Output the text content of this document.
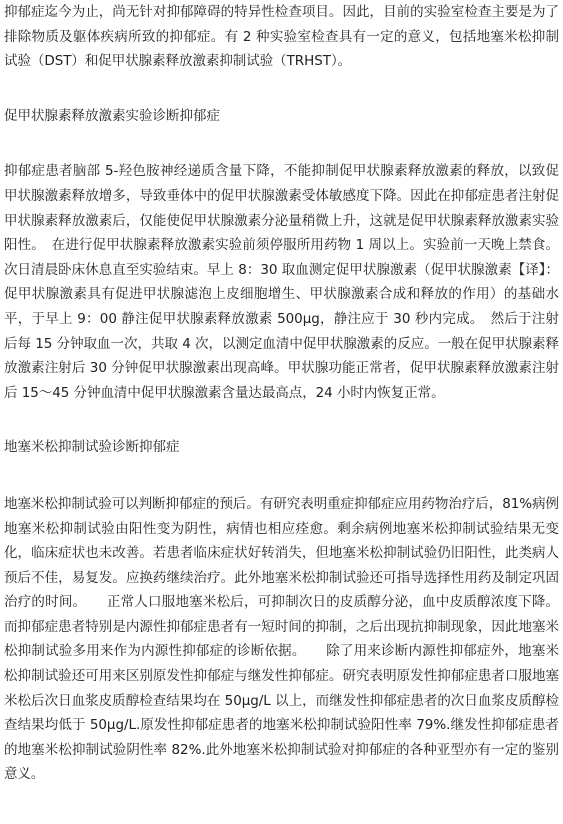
抑郁症迄今为止，尚无针对抑郁障碍的特异性检查项目。因此，目前的实验室检查主要是为了排除物质及躯体疾病所致的抑郁症。有 2 种实验室检查具有一定的意义，包括地塞米松抑制试验（DST）和促甲状腺素释放激素抑制试验（TRHST）。

促甲状腺素释放激素实验诊断抑郁症

抑郁症患者脑部 5-羟色胺神经递质含量下降，不能抑制促甲状腺素释放激素的释放，以致促甲状腺激素释放增多，导致垂体中的促甲状腺激素受体敏感度下降。因此在抑郁症患者注射促甲状腺素释放激素后，仅能使促甲状腺激素分泌量稍微上升，这就是促甲状腺素释放激素实验阳性。　在进行促甲状腺素释放激素实验前须停服所用药物 1 周以上。实验前一天晚上禁食。次日清晨卧床休息直至实验结束。早上 8：30 取血测定促甲状腺激素（促甲状腺激素【译】：促甲状腺激素具有促进甲状腺滤泡上皮细胞增生、甲状腺激素合成和释放的作用）的基础水平，于早上 9：00 静注促甲状腺素释放激素 500μg，静注应于 30 秒内完成。　然后于注射后每 15 分钟取血一次，共取 4 次，以测定血清中促甲状腺激素的反应。一般在促甲状腺素释放激素注射后 30 分钟促甲状腺激素出现高峰。甲状腺功能正常者，促甲状腺素释放激素注射后 15～45 分钟血清中促甲状腺激素含量达最高点，24 小时内恢复正常。

地塞米松抑制试验诊断抑郁症

地塞米松抑制试验可以判断抑郁症的预后。有研究表明重症抑郁症应用药物治疗后，81%病例地塞米松抑制试验由阳性变为阴性，病情也相应痊愈。剩余病例地塞米松抑制试验结果无变化，临床症状也未改善。若患者临床症状好转消失，但地塞米松抑制试验仍旧阳性，此类病人预后不佳，易复发。应换药继续治疗。此外地塞米松抑制试验还可指导选择性用药及制定巩固治疗的时间。　　正常人口服地塞米松后，可抑制次日的皮质醇分泌，血中皮质醇浓度下降。而抑郁症患者特别是内源性抑郁症患者有一短时间的抑制，之后出现抗抑制现象，因此地塞米松抑制试验多用来作为内源性抑郁症的诊断依据。　　除了用来诊断内源性抑郁症外，地塞米松抑制试验还可用来区别原发性抑郁症与继发性抑郁症。研究表明原发性抑郁症患者口服地塞米松后次日血浆皮质醇检查结果均在 50μg/L 以上，而继发性抑郁症患者的次日血浆皮质醇检查结果均低于 50μg/L.原发性抑郁症患者的地塞米松抑制试验阳性率 79%.继发性抑郁症患者的地塞米松抑制试验阴性率 82%.此外地塞米松抑制试验对抑郁症的各种亚型亦有一定的鉴别意义。
